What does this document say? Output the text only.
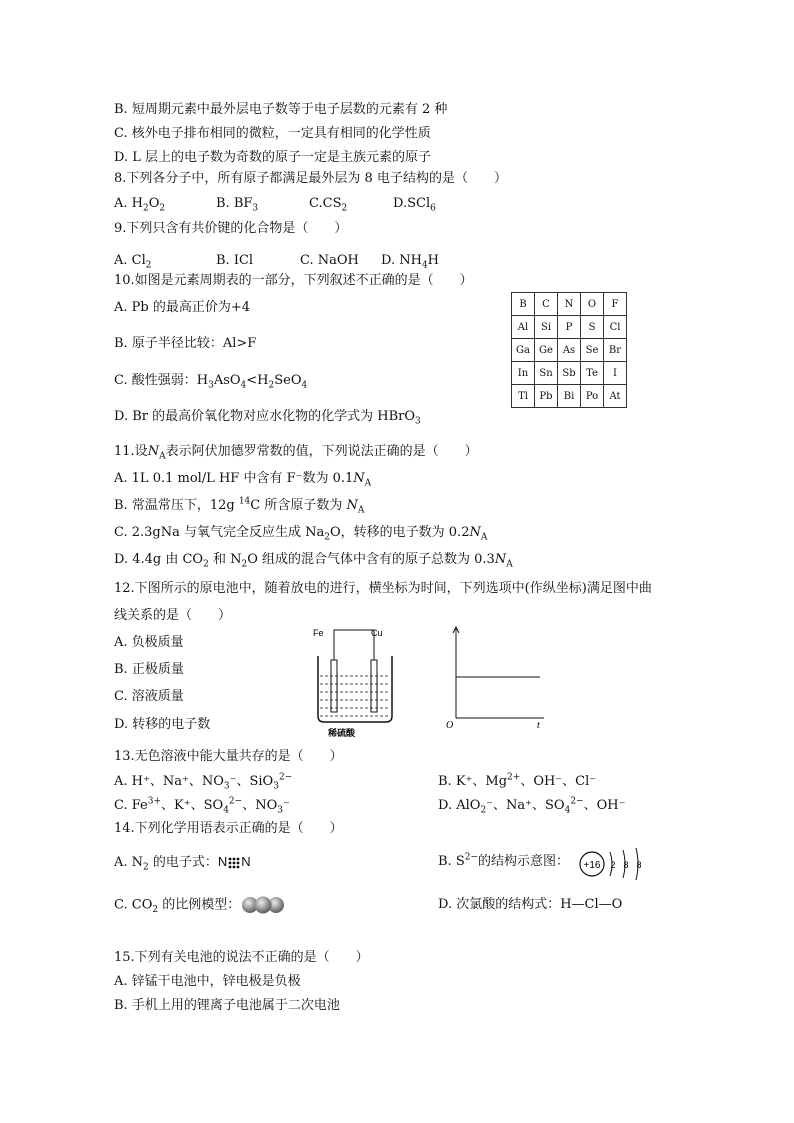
B. 短周期元素中最外层电子数等于电子层数的元素有 2 种
C. 核外电子排布相同的微粒，一定具有相同的化学性质
D. L 层上的电子数为奇数的原子一定是主族元素的原子
8.下列各分子中，所有原子都满足最外层为 8 电子结构的是（　　）
A. $H_2O_2$	B. $BF_3$	$C.CS_2$	D.SCl$_6$
9.下列只含有共价键的化合物是（　　）
A. $Cl_2$	B. ICl	C. NaOH D. $NH_4H$
10.如图是元素周期表的一部分，下列叙述不正确的是（　　）
A. Pb 的最高正价为+4
B. 原子半径比较：Al>F
C. 酸性强弱：$H_3AsO_4<H_2SeO_4$
D. Br 的最高价氧化物对应水化物的化学式为 HBrO$_3$
B	C	N	O	F
Al	Si	P	S	Cl
Ga	Ge	As	Se	Br
In	Sn	Sb	Te	I
Tl	Pb	Bi	Po	At
11.设$N_A$表示阿伏加德罗常数的值，下列说法正确的是（　　）
A. 1L 0.1 mol/L HF 中含有 F⁻数为 $0.1N_A$
B. 常温常压下，12g $^{14}$C 所含原子数为 $N_A$
C. 2.3gNa 与氧气完全反应生成 $Na_2O$，转移的电子数为 $0.2N_A$
D. 4.4g 由 $CO_2$ 和 $N_2O$ 组成的混合气体中含有的原子总数为 $0.3N_A$
12.下图所示的原电池中，随着放电的进行，横坐标为时间，下列选项中(作纵坐标)满足图中曲
线关系的是（　　）
A. 负极质量
B. 正极质量
C. 溶液质量
D. 转移的电子数
Fe	Cu
稀硫酸
O	t
13.无色溶液中能大量共存的是（　　）
A. H⁺、Na⁺、$NO_3^-$、SiO$_3^{2-}$	B. K⁺、$Mg^{2+}$、OH⁻、Cl⁻
C. $Fe^{3+}$、K⁺、$SO_4^{2-}$、$NO_3^-$	D. AlO$_2$⁻、Na⁺、$SO_4^{2-}$、OH⁻
14.下列化学用语表示正确的是（　　）
A. $N_2$ 的电子式：N N	B. $S^{2-}$的结构示意图： +16 2 8 8
C. $CO_2$ 的比例模型：	D. 次氯酸的结构式：H—Cl—O
15.下列有关电池的说法不正确的是（　　）
A. 锌锰干电池中，锌电极是负极
B. 手机上用的锂离子电池属于二次电池
